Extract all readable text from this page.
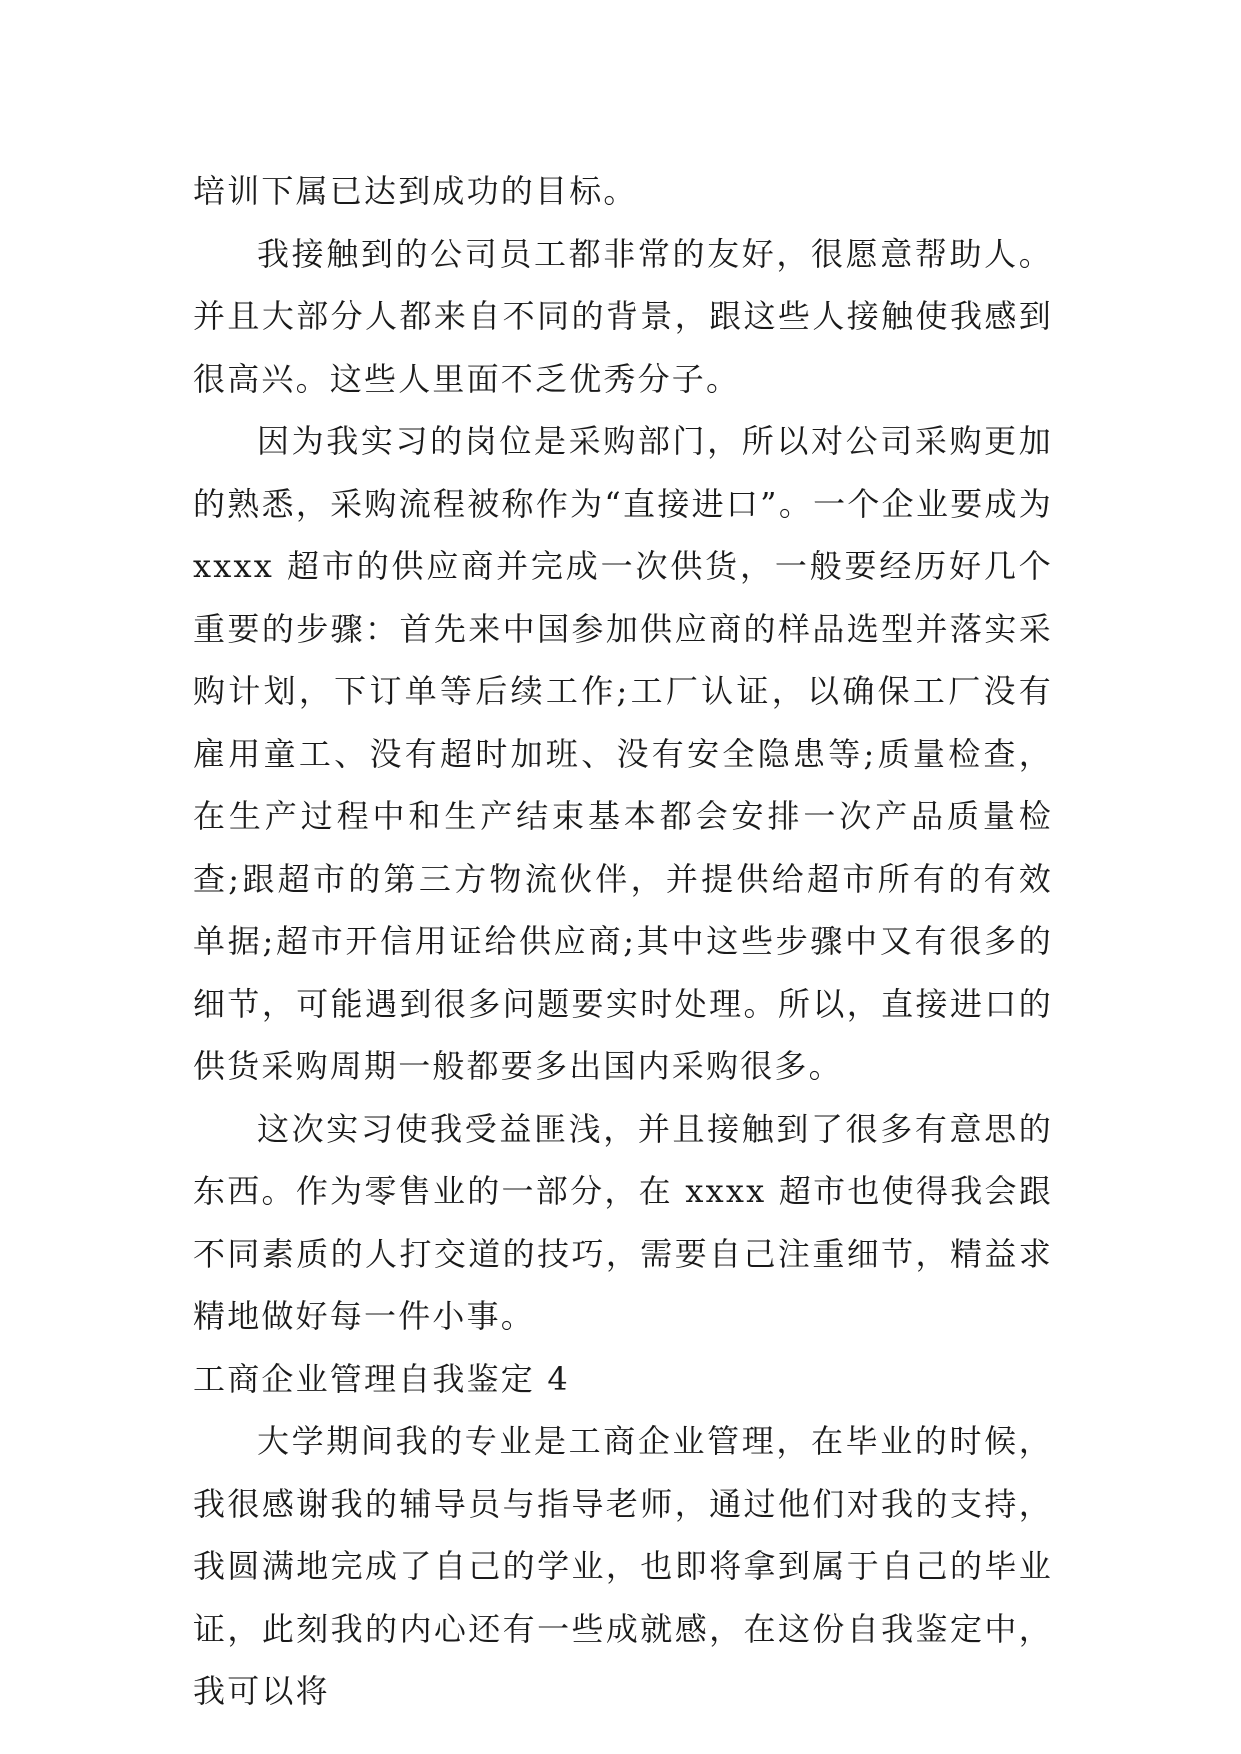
培训下属已达到成功的目标。

我接触到的公司员工都非常的友好，很愿意帮助人。并且大部分人都来自不同的背景，跟这些人接触使我感到很高兴。这些人里面不乏优秀分子。

因为我实习的岗位是采购部门，所以对公司采购更加的熟悉，采购流程被称作为“直接进口”。一个企业要成为 xxxx 超市的供应商并完成一次供货，一般要经历好几个重要的步骤：首先来中国参加供应商的样品选型并落实采购计划，下订单等后续工作;工厂认证，以确保工厂没有雇用童工、没有超时加班、没有安全隐患等;质量检查，在生产过程中和生产结束基本都会安排一次产品质量检查;跟超市的第三方物流伙伴，并提供给超市所有的有效单据;超市开信用证给供应商;其中这些步骤中又有很多的细节，可能遇到很多问题要实时处理。所以，直接进口的供货采购周期一般都要多出国内采购很多。

这次实习使我受益匪浅，并且接触到了很多有意思的东西。作为零售业的一部分，在 xxxx 超市也使得我会跟不同素质的人打交道的技巧，需要自己注重细节，精益求精地做好每一件小事。

工商企业管理自我鉴定 4

大学期间我的专业是工商企业管理，在毕业的时候，我很感谢我的辅导员与指导老师，通过他们对我的支持，我圆满地完成了自己的学业，也即将拿到属于自己的毕业证，此刻我的内心还有一些成就感，在这份自我鉴定中，我可以将
